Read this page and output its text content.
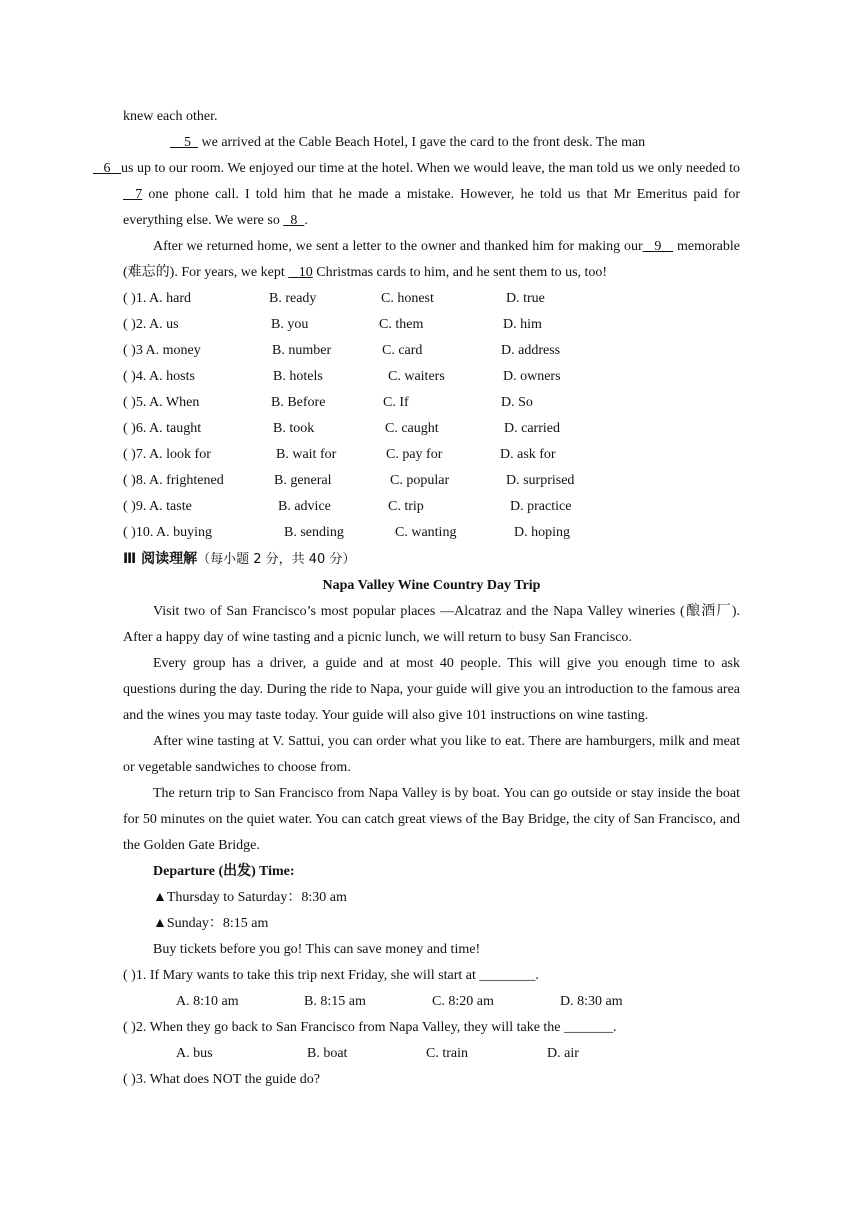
knew each other.

5   we arrived at the Cable Beach Hotel, I gave the card to the front desk. The man
6 us up to our room. We enjoyed our time at the hotel. When we would leave, the man told us we only needed to   7 one phone call. I told him that he made a mistake. However, he told us that Mr Emeritus paid for everything else. We were so   8 .

After we returned home, we sent a letter to the owner and thanked him for making our 9    memorable (难忘的). For years, we kept    10 Christmas cards to him, and he sent them to us, too!

( )1. A. hard	B. ready	C. honest	D. true
( )2. A. us	B. you	C. them	D. him
( )3 A. money	B. number	C. card	D. address
( )4. A. hosts	B. hotels	C. waiters	D. owners
( )5. A. When	B. Before	C. If	D. So
( )6. A. taught	B. took	C. caught	D. carried
( )7. A. look for	B. wait for	C. pay for	D. ask for
( )8. A. frightened	B. general	C. popular	D. surprised
( )9. A. taste	B. advice	C. trip	D. practice
( )10. A. buying	B. sending	C. wanting	D. hoping

Ⅲ 阅读理解（每小题 2 分，共 40 分）

Napa Valley Wine Country Day Trip

Visit two of San Francisco’s most popular places —Alcatraz and the Napa Valley wineries (酿酒厂). After a happy day of wine tasting and a picnic lunch, we will return to busy San Francisco.

Every group has a driver, a guide and at most 40 people. This will give you enough time to ask questions during the day. During the ride to Napa, your guide will give you an introduction to the famous area and the wines you may taste today. Your guide will also give 101 instructions on wine tasting.

After wine tasting at V. Sattui, you can order what you like to eat. There are hamburgers, milk and meat or vegetable sandwiches to choose from.

The return trip to San Francisco from Napa Valley is by boat. You can go outside or stay inside the boat for 50 minutes on the quiet water. You can catch great views of the Bay Bridge, the city of San Francisco, and the Golden Gate Bridge.

Departure (出发) Time:

▲Thursday to Saturday：8:30 am

▲Sunday：8:15 am

Buy tickets before you go! This can save money and time!

( )1. If Mary wants to take this trip next Friday, she will start at ________.

A. 8:10 am	B. 8:15 am	C. 8:20 am	D. 8:30 am

( )2. When they go back to San Francisco from Napa Valley, they will take the _______.

A. bus	B. boat	C. train	D. air

( )3. What does NOT the guide do?
